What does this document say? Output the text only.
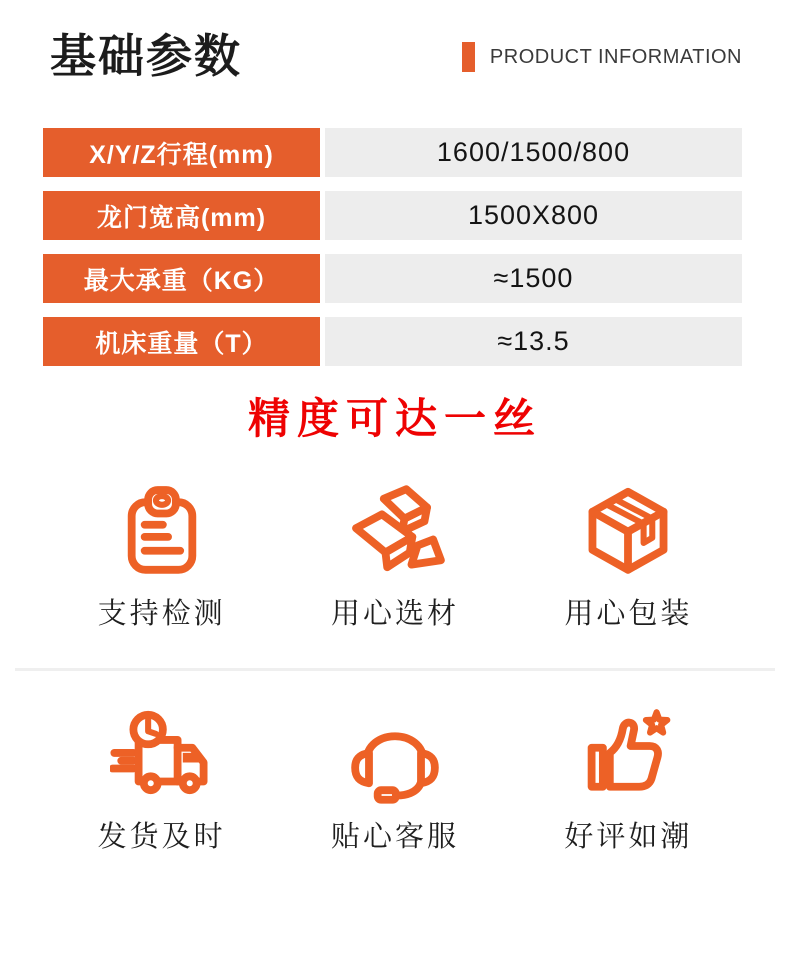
基础参数	PRODUCT INFORMATION
X/Y/Z行程(mm)	1600/1500/800
龙门宽高(mm)	1500X800
最大承重（KG）	≈1500
机床重量（T）	≈13.5
精度可达一丝
支持检测	用心选材	用心包装
发货及时	贴心客服	好评如潮
